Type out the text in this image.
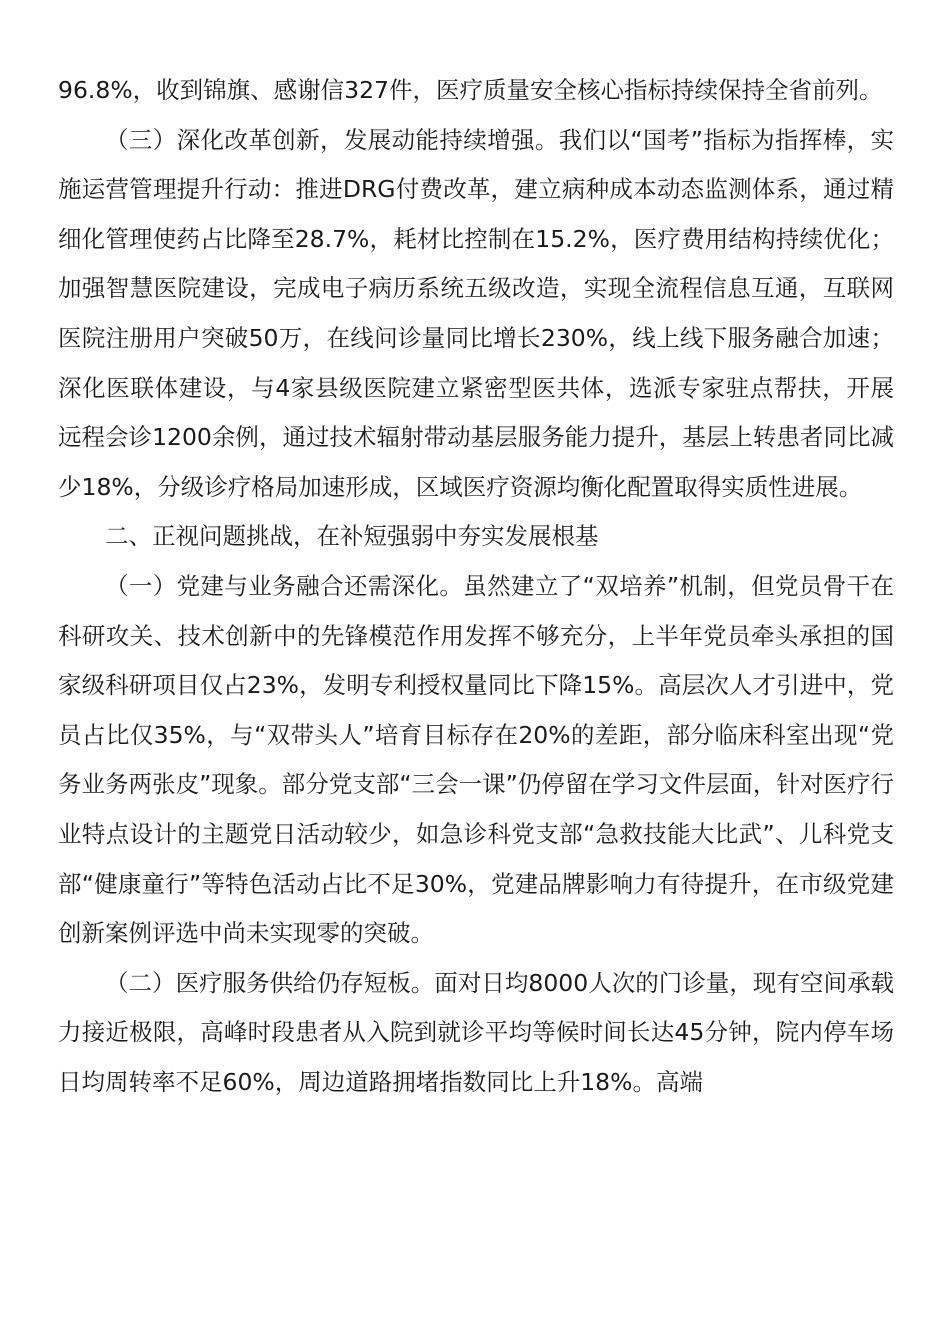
96.8%，收到锦旗、感谢信327件，医疗质量安全核心指标持续保持全省前列。

（三）深化改革创新，发展动能持续增强。我们以“国考”指标为指挥棒，实施运营管理提升行动：推进DRG付费改革，建立病种成本动态监测体系，通过精细化管理使药占比降至28.7%，耗材比控制在15.2%，医疗费用结构持续优化；加强智慧医院建设，完成电子病历系统五级改造，实现全流程信息互通，互联网医院注册用户突破50万，在线问诊量同比增长230%，线上线下服务融合加速；深化医联体建设，与4家县级医院建立紧密型医共体，选派专家驻点帮扶，开展远程会诊1200余例，通过技术辐射带动基层服务能力提升，基层上转患者同比减少18%，分级诊疗格局加速形成，区域医疗资源均衡化配置取得实质性进展。

二、正视问题挑战，在补短强弱中夯实发展根基

（一）党建与业务融合还需深化。虽然建立了“双培养”机制，但党员骨干在科研攻关、技术创新中的先锋模范作用发挥不够充分，上半年党员牵头承担的国家级科研项目仅占23%，发明专利授权量同比下降15%。高层次人才引进中，党员占比仅35%，与“双带头人”培育目标存在20%的差距，部分临床科室出现“党务业务两张皮”现象。部分党支部“三会一课”仍停留在学习文件层面，针对医疗行业特点设计的主题党日活动较少，如急诊科党支部“急救技能大比武”、儿科党支部“健康童行”等特色活动占比不足30%，党建品牌影响力有待提升，在市级党建创新案例评选中尚未实现零的突破。

（二）医疗服务供给仍存短板。面对日均8000人次的门诊量，现有空间承载力接近极限，高峰时段患者从入院到就诊平均等候时间长达45分钟，院内停车场日均周转率不足60%，周边道路拥堵指数同比上升18%。高端
